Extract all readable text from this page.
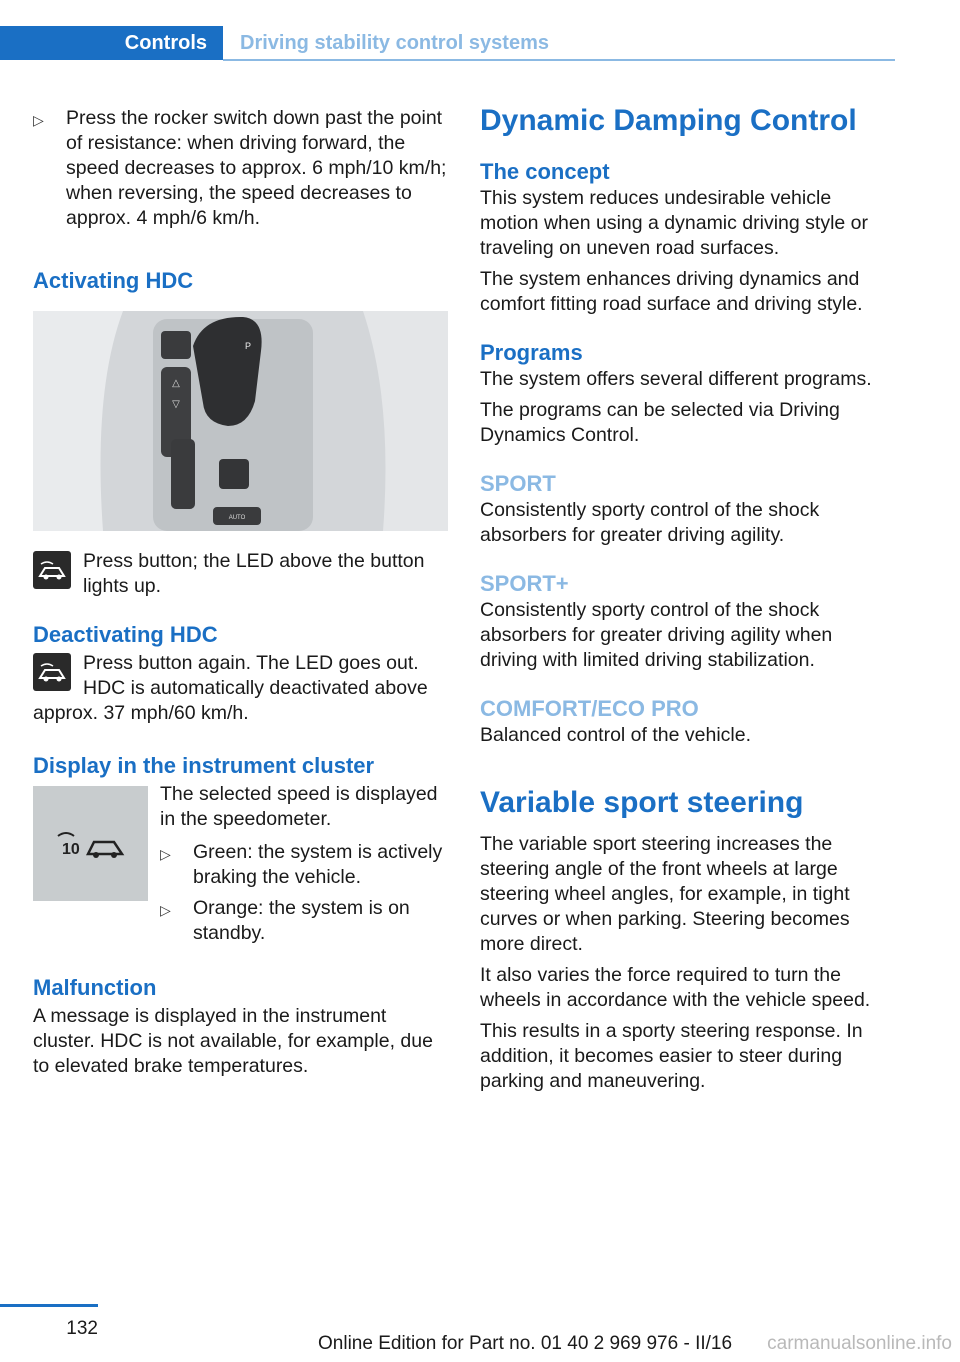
Controls	Driving stability control systems
▷ Press the rocker switch down past the point of resistance: when driving forward, the speed decreases to approx. 6 mph/10 km/h; when reversing, the speed decreases to approx. 4 mph/6 km/h.
Activating HDC
△
▽
P
AUTO

Press button; the LED above the button lights up.

Deactivating HDC

Press button again. The LED goes out.

HDC is automatically deactivated above

approx. 37 mph/60 km/h.

Display in the instrument cluster
10

The selected speed is displayed in the speedometer.

▷ Green: the system is actively braking the vehicle.
▷ Orange: the system is on standby.
Malfunction

A message is displayed in the instrument cluster. HDC is not available, for example, due to elevated brake temperatures.

Dynamic Damping Control
The concept

This system reduces undesirable vehicle motion when using a dynamic driving style or traveling on uneven road surfaces.

The system enhances driving dynamics and comfort fitting road surface and driving style.

Programs

The system offers several different programs.

The programs can be selected via Driving Dynamics Control.

SPORT

Consistently sporty control of the shock absorbers for greater driving agility.

SPORT+

Consistently sporty control of the shock absorbers for greater driving agility when driving with limited driving stabilization.

COMFORT/ECO PRO

Balanced control of the vehicle.

Variable sport steering

The variable sport steering increases the steering angle of the front wheels at large steering wheel angles, for example, in tight curves or when parking. Steering becomes more direct.

It also varies the force required to turn the wheels in accordance with the vehicle speed.

This results in a sporty steering response. In addition, it becomes easier to steer during parking and maneuvering.

132
Online Edition for Part no. 01 40 2 969 976 - II/16 carmanualsonline.info
